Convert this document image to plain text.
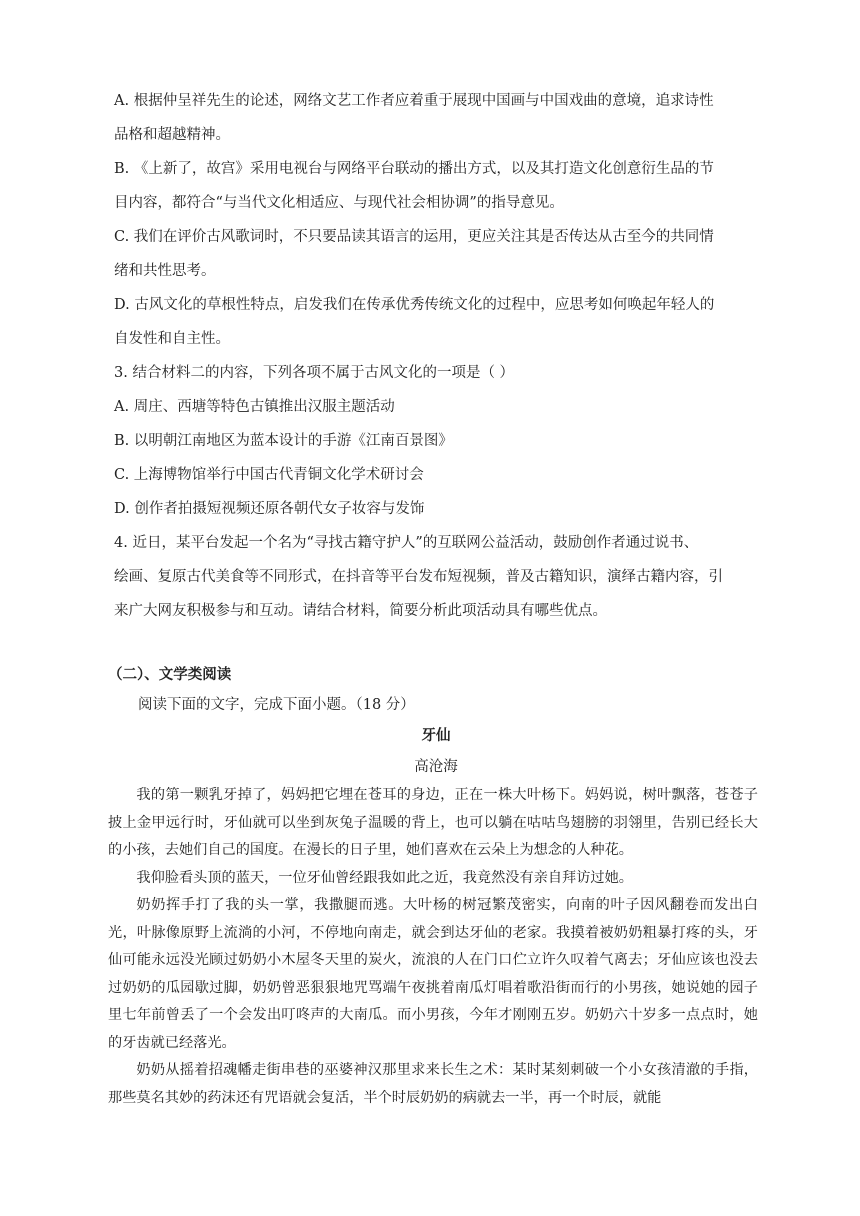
A. 根据仲呈祥先生的论述，网络文艺工作者应着重于展现中国画与中国戏曲的意境，追求诗性
品格和超越精神。
B. 《上新了，故宫》采用电视台与网络平台联动的播出方式，以及其打造文化创意衍生品的节
目内容，都符合“与当代文化相适应、与现代社会相协调”的指导意见。
C. 我们在评价古风歌词时，不只要品读其语言的运用，更应关注其是否传达从古至今的共同情
绪和共性思考。
D. 古风文化的草根性特点，启发我们在传承优秀传统文化的过程中，应思考如何唤起年轻人的
自发性和自主性。
3. 结合材料二的内容，下列各项不属于古风文化的一项是（ ）
A. 周庄、西塘等特色古镇推出汉服主题活动
B. 以明朝江南地区为蓝本设计的手游《江南百景图》
C. 上海博物馆举行中国古代青铜文化学术研讨会
D. 创作者拍摄短视频还原各朝代女子妆容与发饰
4. 近日，某平台发起一个名为“寻找古籍守护人”的互联网公益活动，鼓励创作者通过说书、
绘画、复原古代美食等不同形式，在抖音等平台发布短视频，普及古籍知识，演绎古籍内容，引
来广大网友积极参与和互动。请结合材料，简要分析此项活动具有哪些优点。
（二）、文学类阅读
阅读下面的文字，完成下面小题。（18 分）
牙仙
高沧海

我的第一颗乳牙掉了，妈妈把它埋在苍耳的身边，正在一株大叶杨下。妈妈说，树叶飘落，苍苍子披上金甲远行时，牙仙就可以坐到灰兔子温暖的背上，也可以躺在咕咕鸟翅膀的羽翎里，告别已经长大的小孩，去她们自己的国度。在漫长的日子里，她们喜欢在云朵上为想念的人种花。

我仰脸看头顶的蓝天，一位牙仙曾经跟我如此之近，我竟然没有亲自拜访过她。

奶奶挥手打了我的头一掌，我撒腿而逃。大叶杨的树冠繁茂密实，向南的叶子因风翻卷而发出白光，叶脉像原野上流淌的小河，不停地向南走，就会到达牙仙的老家。我摸着被奶奶粗暴打疼的头，牙仙可能永远没光顾过奶奶小木屋冬天里的炭火，流浪的人在门口伫立许久叹着气离去；牙仙应该也没去过奶奶的瓜园歇过脚，奶奶曾恶狠狠地咒骂端午夜挑着南瓜灯唱着歌沿街而行的小男孩，她说她的园子里七年前曾丢了一个会发出叮咚声的大南瓜。而小男孩，今年才刚刚五岁。奶奶六十岁多一点点时，她的牙齿就已经落光。

奶奶从摇着招魂幡走街串巷的巫婆神汉那里求来长生之术：某时某刻刺破一个小女孩清澈的手指，那些莫名其妙的药沫还有咒语就会复活，半个时辰奶奶的病就去一半，再一个时辰，就能
